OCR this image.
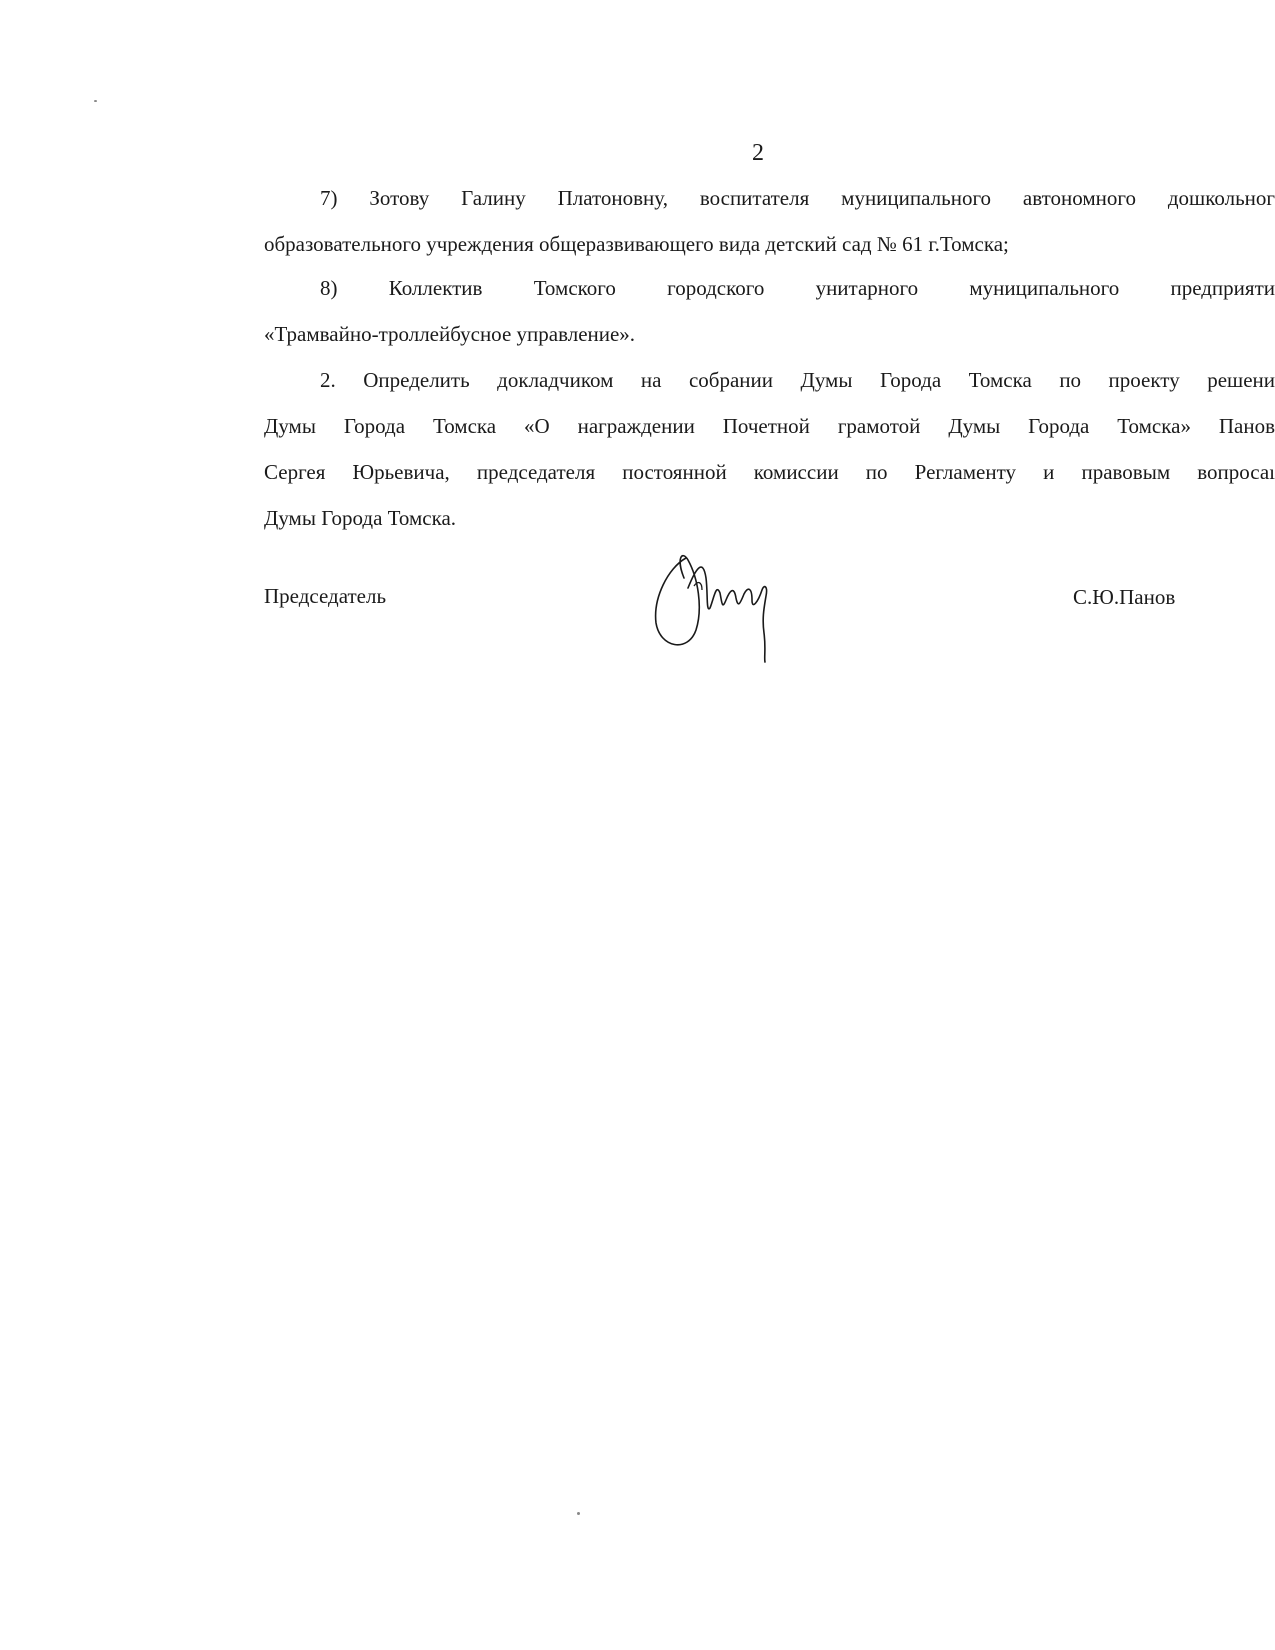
2
7) Зотову Галину Платоновну, воспитателя муниципального автономного дошкольног
образовательного учреждения общеразвивающего вида детский сад № 61 г.Томска;
8) Коллектив Томского городского унитарного муниципального предприяти
«Трамвайно-троллейбусное управление».
2. Определить докладчиком на собрании Думы Города Томска по проекту решени
Думы Города Томска «О награждении Почетной грамотой Думы Города Томска» Панов
Сергея Юрьевича, председателя постоянной комиссии по Регламенту и правовым вопросаı
Думы Города Томска.
Председатель	С.Ю.Панов
